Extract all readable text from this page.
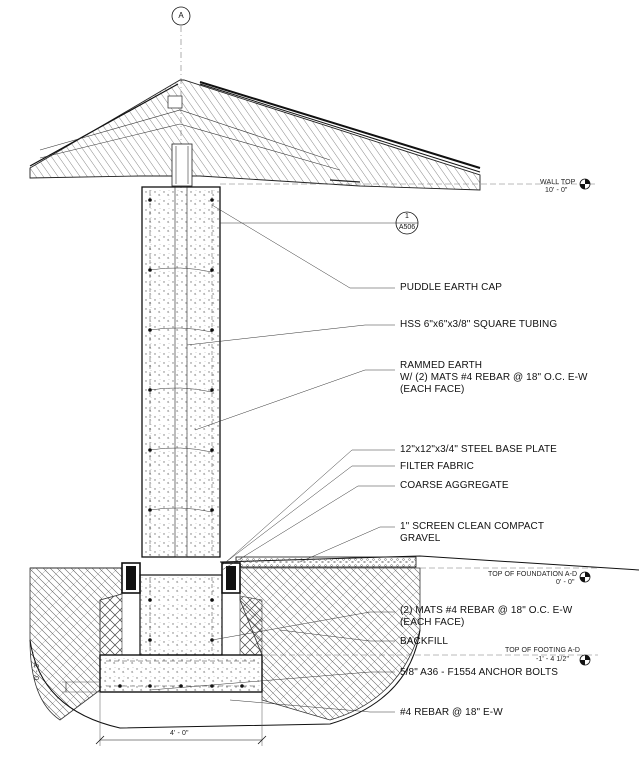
A
1
A506
WALL TOP
10' - 0"
TOP OF FOUNDATION A-D
0' - 0"
TOP OF FOOTING A-D
-1' - 4 1/2"
PUDDLE EARTH CAP
HSS 6"x6"x3/8" SQUARE TUBING
RAMMED EARTH
W/ (2) MATS #4 REBAR @ 18" O.C. E-W
(EACH FACE)
12"x12"x3/4" STEEL BASE PLATE
FILTER FABRIC
COARSE AGGREGATE
1" SCREEN CLEAN COMPACT
GRAVEL
(2) MATS #4 REBAR @ 18" O.C. E-W
(EACH FACE)
BACKFILL
5/8" A36 - F1554 ANCHOR BOLTS
#4 REBAR @ 18" E-W
4' - 0"
0' - 3"
